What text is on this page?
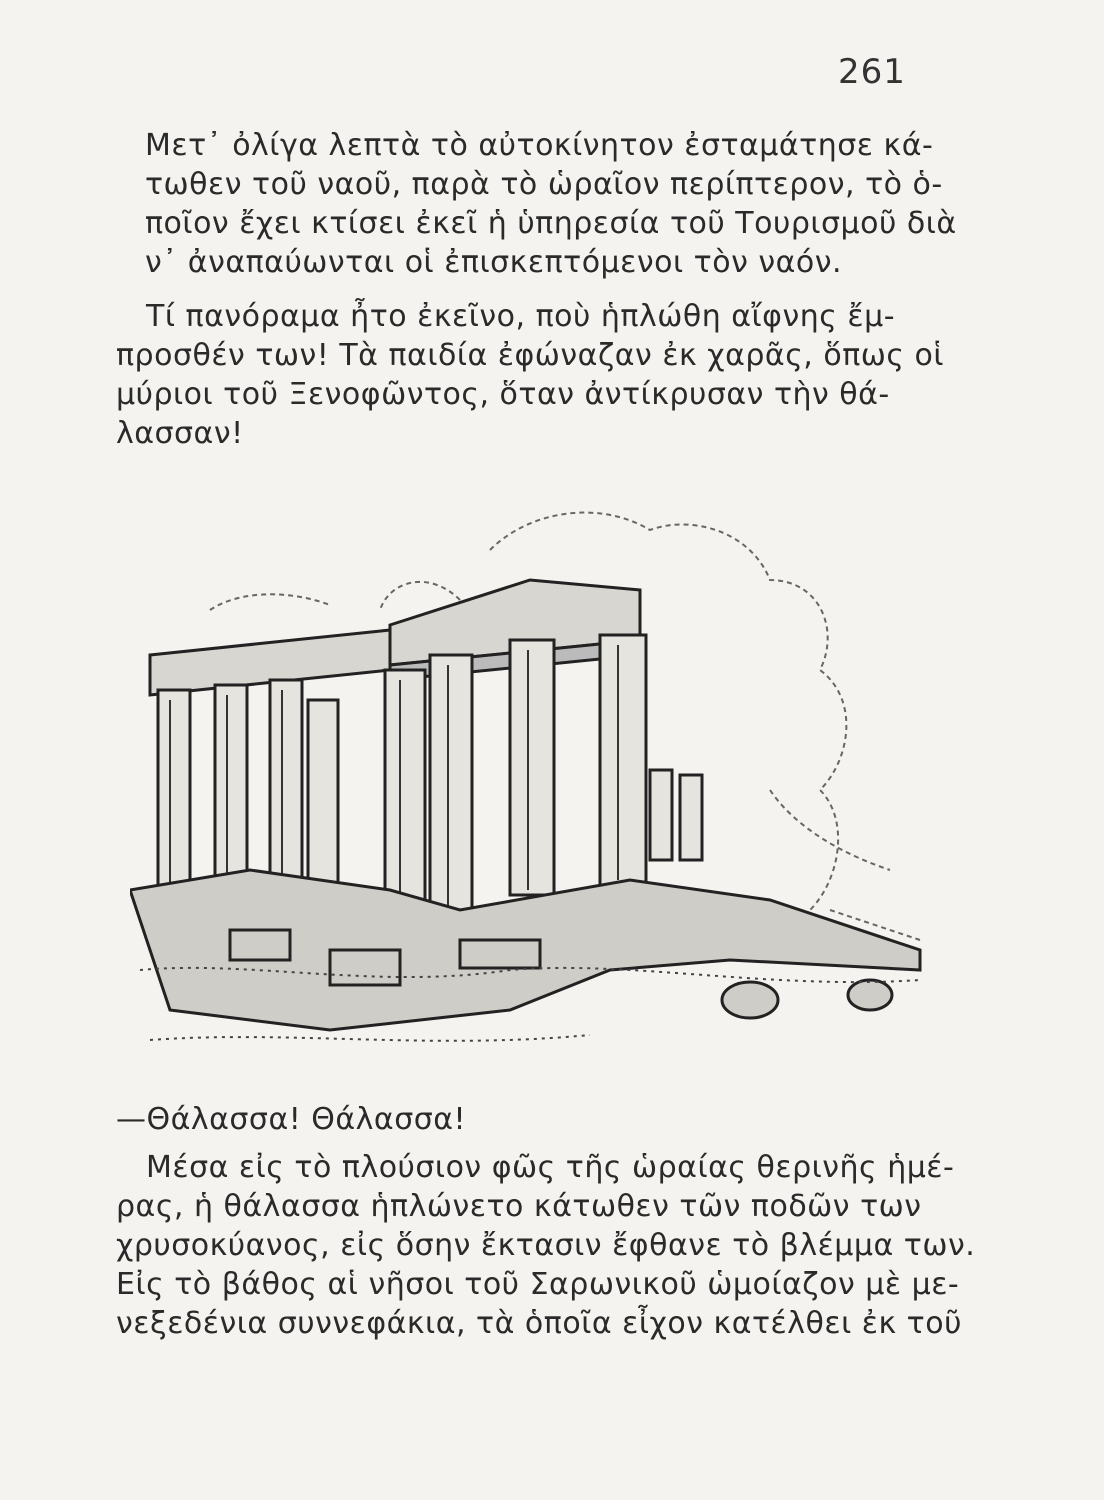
261

Μετ᾽ ὀλίγα λεπτὰ τὸ αὐτοκίνητον ἐσταμάτησε κά-
τωθεν τοῦ ναοῦ, παρὰ τὸ ὡραῖον περίπτερον, τὸ ὁ-
ποῖον ἔχει κτίσει ἐκεῖ ἡ ὑπηρεσία τοῦ Τουρισμοῦ διὰ
ν᾽ ἀναπαύωνται οἱ ἐπισκεπτόμενοι τὸν ναόν.

Τί πανόραμα ἦτο ἐκεῖνο, ποὺ ἡπλώθη αἴφνης ἔμ-
προσθέν των! Τὰ παιδία ἐφώναζαν ἐκ χαρᾶς, ὅπως οἱ
μύριοι τοῦ Ξενοφῶντος, ὅταν ἀντίκρυσαν τὴν θά-
λασσαν!

—Θάλασσα! Θάλασσα!

Μέσα εἰς τὸ πλούσιον φῶς τῆς ὡραίας θερινῆς ἡμέ-
ρας, ἡ θάλασσα ἡπλώνετο κάτωθεν τῶν ποδῶν των
χρυσοκύανος, εἰς ὅσην ἔκτασιν ἔφθανε τὸ βλέμμα των.
Εἰς τὸ βάθος αἱ νῆσοι τοῦ Σαρωνικοῦ ὡμοίαζον μὲ με-
νεξεδένια συννεφάκια, τὰ ὁποῖα εἶχον κατέλθει ἐκ τοῦ
